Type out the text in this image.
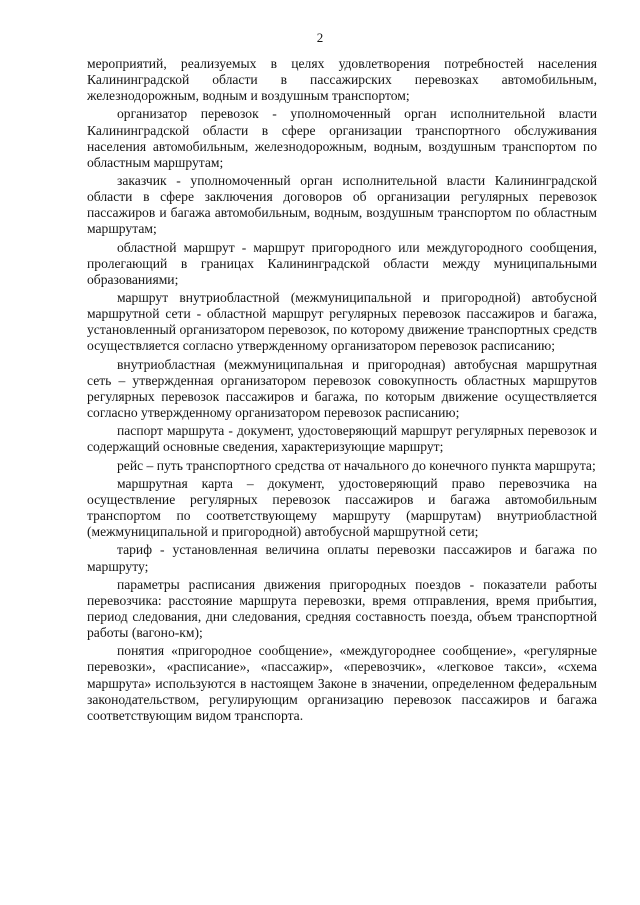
2

мероприятий, реализуемых в целях удовлетворения потребностей населения Калининградской области в пассажирских перевозках автомобильным, железнодорожным, водным и воздушным транспортом;

организатор перевозок - уполномоченный орган исполнительной власти Калининградской области в сфере организации транспортного обслуживания населения автомобильным, железнодорожным, водным, воздушным транспортом по областным маршрутам;

заказчик - уполномоченный орган исполнительной власти Калининградской области в сфере заключения договоров об организации регулярных перевозок пассажиров и багажа автомобильным, водным, воздушным транспортом по областным маршрутам;

областной маршрут - маршрут пригородного или междугородного сообщения, пролегающий в границах Калининградской области между муниципальными образованиями;

маршрут внутриобластной (межмуниципальной и пригородной) автобусной маршрутной сети - областной маршрут регулярных перевозок пассажиров и багажа, установленный организатором перевозок, по которому движение транспортных средств осуществляется согласно утвержденному организатором перевозок расписанию;

внутриобластная (межмуниципальная и пригородная) автобусная маршрутная сеть – утвержденная организатором перевозок совокупность областных маршрутов регулярных перевозок пассажиров и багажа, по которым движение осуществляется согласно утвержденному организатором перевозок расписанию;

паспорт маршрута - документ, удостоверяющий маршрут регулярных перевозок и содержащий основные сведения, характеризующие маршрут;

рейс – путь транспортного средства от начального до конечного пункта маршрута;

маршрутная карта – документ, удостоверяющий право перевозчика на осуществление регулярных перевозок пассажиров и багажа автомобильным транспортом по соответствующему маршруту (маршрутам) внутриобластной (межмуниципальной и пригородной) автобусной маршрутной сети;

тариф - установленная величина оплаты перевозки пассажиров и багажа по маршруту;

параметры расписания движения пригородных поездов - показатели работы перевозчика: расстояние маршрута перевозки, время отправления, время прибытия, период следования, дни следования, средняя составность поезда, объем транспортной работы (вагоно-км);

понятия «пригородное сообщение», «междугороднее сообщение», «регулярные перевозки», «расписание», «пассажир», «перевозчик», «легковое такси», «схема маршрута» используются в настоящем Законе в значении, определенном федеральным законодательством, регулирующим организацию перевозок пассажиров и багажа соответствующим видом транспорта.
